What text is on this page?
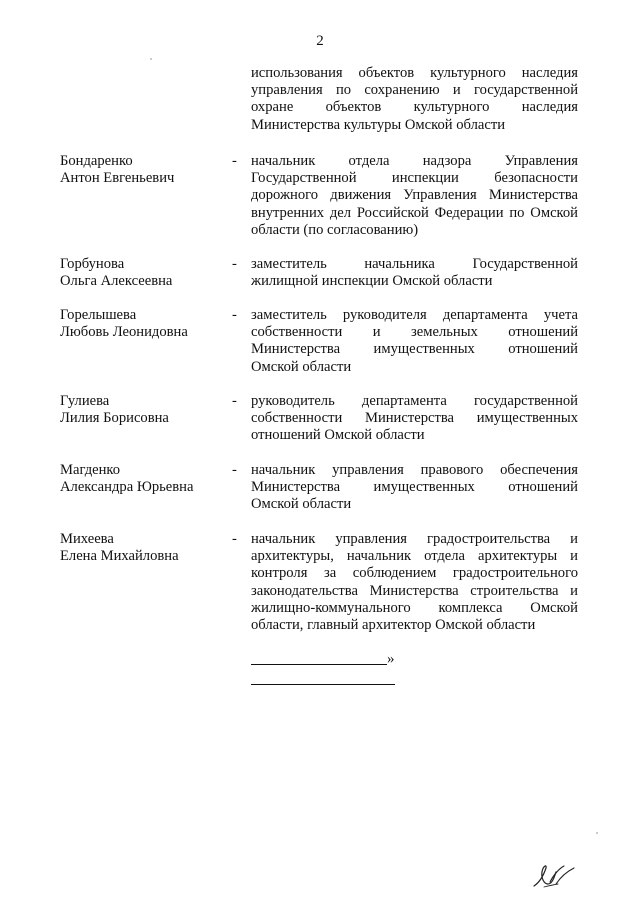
2
использования объектов культурного наследия
управления по сохранению и государственной
охране объектов культурного наследия
Министерства культуры Омской области
Бондаренко
Антон Евгеньевич
- начальник отдела надзора Управления
Государственной инспекции безопасности
дорожного движения Управления Министерства
внутренних дел Российской Федерации по Омской
области (по согласованию)
Горбунова
Ольга Алексеевна
- заместитель начальника Государственной
жилищной инспекции Омской области
Горелышева
Любовь Леонидовна
- заместитель руководителя департамента учета
собственности и земельных отношений
Министерства имущественных отношений
Омской области
Гулиева
Лилия Борисовна
- руководитель департамента государственной
собственности Министерства имущественных
отношений Омской области
Магденко
Александра Юрьевна
- начальник управления правового обеспечения
Министерства имущественных отношений
Омской области
Михеева
Елена Михайловна
- начальник управления градостроительства и
архитектуры, начальник отдела архитектуры и
контроля за соблюдением градостроительного
законодательства Министерства строительства и
жилищно-коммунального комплекса Омской
области, главный архитектор Омской области
»
